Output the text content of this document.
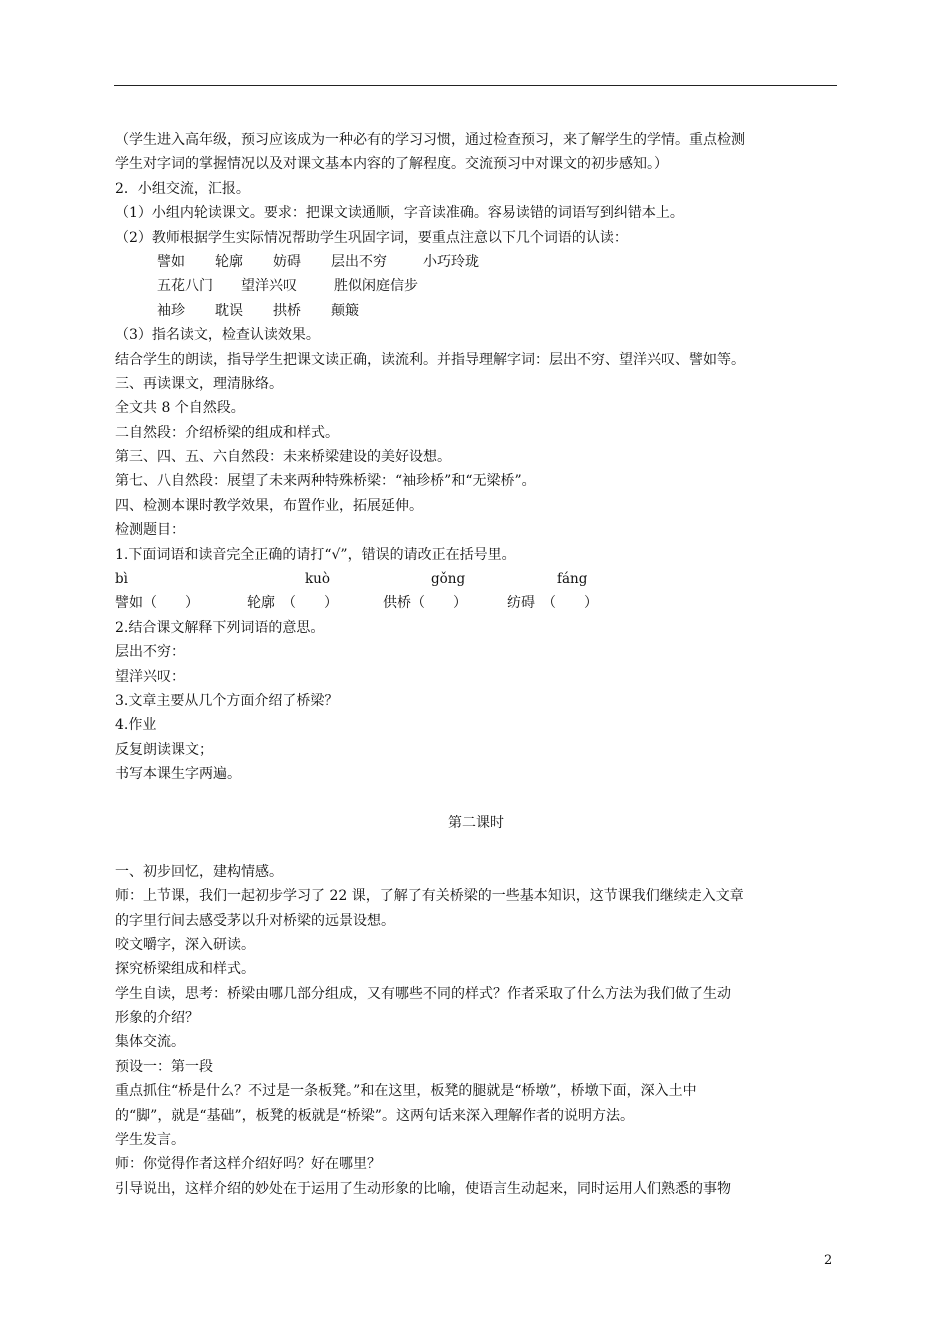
（学生进入高年级，预习应该成为一种必有的学习习惯，通过检查预习，来了解学生的学情。重点检测
学生对字词的掌握情况以及对课文基本内容的了解程度。交流预习中对课文的初步感知。）
2．小组交流，汇报。
（1）小组内轮读课文。要求：把课文读通顺，字音读准确。容易读错的词语写到纠错本上。
（2）教师根据学生实际情况帮助学生巩固字词，要重点注意以下几个词语的认读：
譬如 轮廓 妨碍 层出不穷	小巧玲珑
五花八门 望洋兴叹	胜似闲庭信步
袖珍 耽误 拱桥 颠簸
（3）指名读文，检查认读效果。
结合学生的朗读，指导学生把课文读正确，读流利。并指导理解字词：层出不穷、望洋兴叹、譬如等。
三、再读课文，理清脉络。
全文共 8 个自然段。
二自然段：介绍桥梁的组成和样式。
第三、四、五、六自然段：未来桥梁建设的美好设想。
第七、八自然段：展望了未来两种特殊桥梁：“袖珍桥”和“无梁桥”。
四、检测本课时教学效果，布置作业，拓展延伸。
检测题目：
1.下面词语和读音完全正确的请打“√”，错误的请改正在括号里。
bì	kuò	gǒng	fáng
譬如（　　）	轮廓　（　　）	供桥（　　）	纺碍　（　　）
2.结合课文解释下列词语的意思。
层出不穷：
望洋兴叹：
3.文章主要从几个方面介绍了桥梁？
4.作业
反复朗读课文；
书写本课生字两遍。
第二课时
一、初步回忆，建构情感。
师：上节课，我们一起初步学习了 22 课，了解了有关桥梁的一些基本知识，这节课我们继续走入文章
的字里行间去感受茅以升对桥梁的远景设想。
咬文嚼字，深入研读。
探究桥梁组成和样式。
学生自读，思考：桥梁由哪几部分组成，又有哪些不同的样式？作者采取了什么方法为我们做了生动
形象的介绍？
集体交流。
预设一：第一段
重点抓住“桥是什么？不过是一条板凳。”和在这里，板凳的腿就是“桥墩”，桥墩下面，深入土中
的“脚”，就是“基础”，板凳的板就是“桥梁”。这两句话来深入理解作者的说明方法。
学生发言。
师：你觉得作者这样介绍好吗？好在哪里？
引导说出，这样介绍的妙处在于运用了生动形象的比喻，使语言生动起来，同时运用人们熟悉的事物
2
